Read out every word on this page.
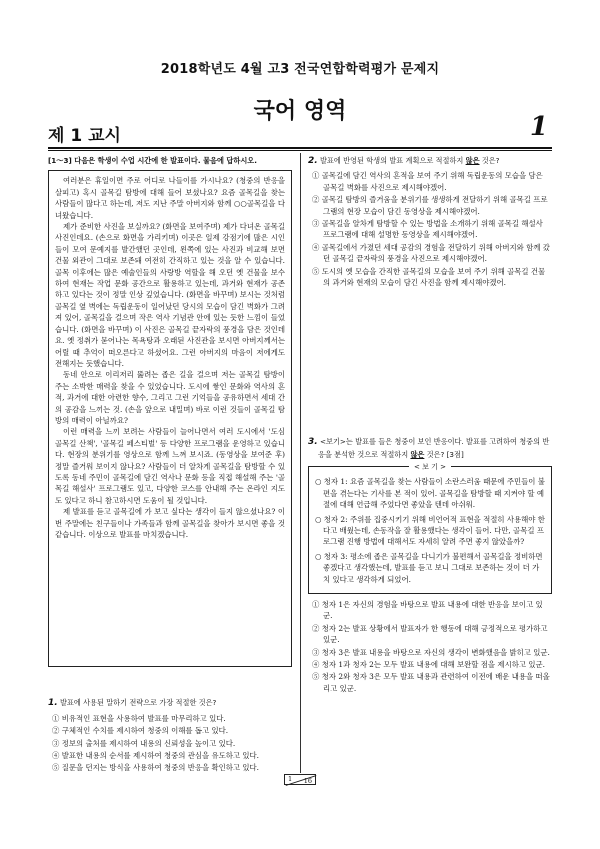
2018학년도 4월 고3 전국연합학력평가 문제지
국어 영역
제 1 교시	1

[1～3] 다음은 학생이 수업 시간에 한 발표이다. 물음에 답하시오.

여러분은 휴일이면 주로 어디로 나들이를 가시나요? (청중의 반응을 살피고) 혹시 골목길 탐방에 대해 들어 보셨나요? 요즘 골목길을 찾는 사람들이 많다고 하는데, 저도 지난 주말 아버지와 함께 ○○골목길을 다녀왔습니다.

제가 준비한 사진을 보실까요? (화면을 보여주며) 제가 다녀온 골목길 사진인데요. (손으로 화면을 가리키며) 이곳은 일제 강점기에 많은 시인들이 모여 문예지를 발간했던 곳인데, 왼쪽에 있는 사진과 비교해 보면 건물 외관이 그대로 보존돼 여전히 간직하고 있는 것을 알 수 있습니다. 골목 이후에는 많은 예술인들의 사랑방 역할을 해 오던 옛 건물을 보수하여 현재는 작업 문화 공간으로 활용하고 있는데, 과거와 현재가 공존하고 있다는 것이 정말 인상 깊었습니다. (화면을 바꾸며) 보시는 것처럼 골목길 옆 벽에는 독립운동이 일어났던 당시의 모습이 담긴 벽화가 그려져 있어, 골목길을 걸으며 작은 역사 기념관 안에 있는 듯한 느낌이 들었습니다. (화면을 바꾸며) 이 사진은 골목길 끝자락의 풍경을 담은 것인데요. 옛 정취가 묻어나는 목욕탕과 오래된 사진관을 보시면 아버지께서는 어릴 때 추억이 떠오른다고 하셨어요. 그런 아버지의 마음이 저에게도 전해지는 듯했습니다.

동네 안으로 이리저리 뚫려는 좁은 길을 걸으며 저는 골목길 탐방이 주는 소박한 매력을 찾을 수 있었습니다. 도시에 쌓인 문화와 역사의 흔적, 과거에 대한 아련한 향수, 그리고 그런 기억들을 공유하면서 세대 간의 공감을 느끼는 것. (손을 앞으로 내밀며) 바로 이런 것들이 골목길 탐방의 매력이 아닐까요?

이런 매력을 느끼 보려는 사람들이 늘어나면서 여러 도시에서 '도심 골목길 산책', '골목길 페스티벌' 등 다양한 프로그램을 운영하고 있습니다. 현장의 분위기를 영상으로 함께 느껴 보시죠. (동영상을 보여준 후) 정말 즐거워 보이지 않나요? 사람들이 더 알차게 골목길을 탐방할 수 있도록 동네 주민이 골목길에 담긴 역사나 문화 등을 직접 해설해 주는 '골목길 해설사' 프로그램도 있고, 다양한 코스를 안내해 주는 온라인 지도도 있다고 하니 참고하시면 도움이 될 것입니다.

제 발표를 듣고 골목길에 가 보고 싶다는 생각이 들지 않으셨나요? 이번 주말에는 친구들이나 가족들과 함께 골목길을 찾아가 보시면 좋을 것 같습니다. 이상으로 발표를 마치겠습니다.

1. 발표에 사용된 말하기 전략으로 가장 적절한 것은?

① 비유적인 표현을 사용하여 발표를 마무리하고 있다.
② 구체적인 수치를 제시하여 청중의 이해를 돕고 있다.
③ 정보의 출처를 제시하여 내용의 신뢰성을 높이고 있다.
④ 발표한 내용의 순서를 제시하여 청중의 관심을 유도하고 있다.
⑤ 질문을 던지는 방식을 사용하여 청중의 반응을 확인하고 있다.

2. 발표에 반영된 학생의 발표 계획으로 적절하지 않은 것은?

① 골목길에 담긴 역사의 흔적을 보여 주기 위해 독립운동의 모습을 담은 골목길 벽화를 사진으로 제시해야겠어.
② 골목길 탐방의 즐거움을 분위기를 생생하게 전달하기 위해 골목길 프로그램의 현장 모습이 담긴 동영상을 제시해야겠어.
③ 골목길을 알차게 탐방할 수 있는 방법을 소개하기 위해 골목길 해설사 프로그램에 대해 설명한 동영상을 제시해야겠어.
④ 골목길에서 가졌던 세대 공감의 경험을 전달하기 위해 아버지와 함께 갔던 골목길 끝자락의 풍경을 사진으로 제시해야겠어.
⑤ 도시의 옛 모습을 간직한 골목길의 모습을 보여 주기 위해 골목길 건물의 과거와 현재의 모습이 담긴 사진을 함께 제시해야겠어.

3. <보기>는 발표를 들은 청중이 보인 반응이다. 발표를 고려하여 청중의 반응을 분석한 것으로 적절하지 않은 것은? [3점]

< 보 기 >

○ 청자 1: 요즘 골목길을 찾는 사람들이 소란스러움 때문에 주민들이 불편을 겪는다는 기사를 본 적이 있어. 골목길을 탐방할 때 지켜야 할 예절에 대해 언급해 주었다면 좋았을 텐데 아쉬워.

○ 청자 2: 주위를 집중시키기 위해 비언어적 표현을 적절히 사용해야 한다고 배웠는데, 손동작을 잘 활용했다는 생각이 들어. 다만, 골목길 프로그램 진행 방법에 대해서도 자세히 알려 주면 좋지 않았을까?

○ 청자 3: 평소에 좁은 골목길을 다니기가 불편해서 골목길을 정비하면 좋겠다고 생각했는데, 발표를 듣고 보니 그대로 보존하는 것이 더 가치 있다고 생각하게 되었어.

① 청자 1은 자신의 경험을 바탕으로 발표 내용에 대한 반응을 보이고 있군.
② 청자 2는 발표 상황에서 발표자가 한 행동에 대해 긍정적으로 평가하고 있군.
③ 청자 3은 발표 내용을 바탕으로 자신의 생각이 변화했음을 밝히고 있군.
④ 청자 1과 청자 2는 모두 발표 내용에 대해 보완할 점을 제시하고 있군.
⑤ 청자 2와 청자 3은 모두 발표 내용과 관련하여 이전에 배운 내용을 떠올리고 있군.
1 16
